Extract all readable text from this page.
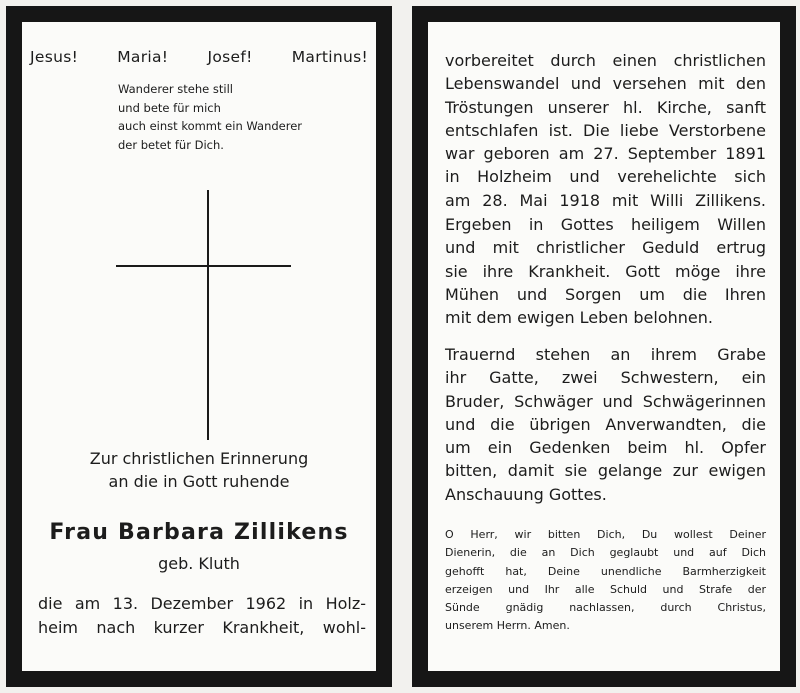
Jesus!	Maria!	Josef!	Martinus!
Wanderer stehe still
und bete für mich
auch einst kommt ein Wanderer
der betet für Dich.
Zur christlichen Erinnerung
an die in Gott ruhende
Frau Barbara Zillikens
geb. Kluth
die am 13. Dezember 1962 in Holz-
heim nach kurzer Krankheit, wohl-
vorbereitet durch einen christlichen
Lebenswandel und versehen mit den
Tröstungen unserer hl. Kirche, sanft
entschlafen ist. Die liebe Verstorbene
war geboren am 27. September 1891
in Holzheim und verehelichte sich
am 28. Mai 1918 mit Willi Zillikens.
Ergeben in Gottes heiligem Willen
und mit christlicher Geduld ertrug
sie ihre Krankheit. Gott möge ihre
Mühen und Sorgen um die Ihren
mit dem ewigen Leben belohnen.
Trauernd stehen an ihrem Grabe
ihr Gatte, zwei Schwestern, ein
Bruder, Schwäger und Schwägerinnen
und die übrigen Anverwandten, die
um ein Gedenken beim hl. Opfer
bitten, damit sie gelange zur ewigen
Anschauung Gottes.
O Herr, wir bitten Dich, Du wollest Deiner
Dienerin, die an Dich geglaubt und auf Dich
gehofft hat, Deine unendliche Barmherzigkeit
erzeigen und Ihr alle Schuld und Strafe der
Sünde gnädig nachlassen, durch Christus,
unserem Herrn. Amen.
